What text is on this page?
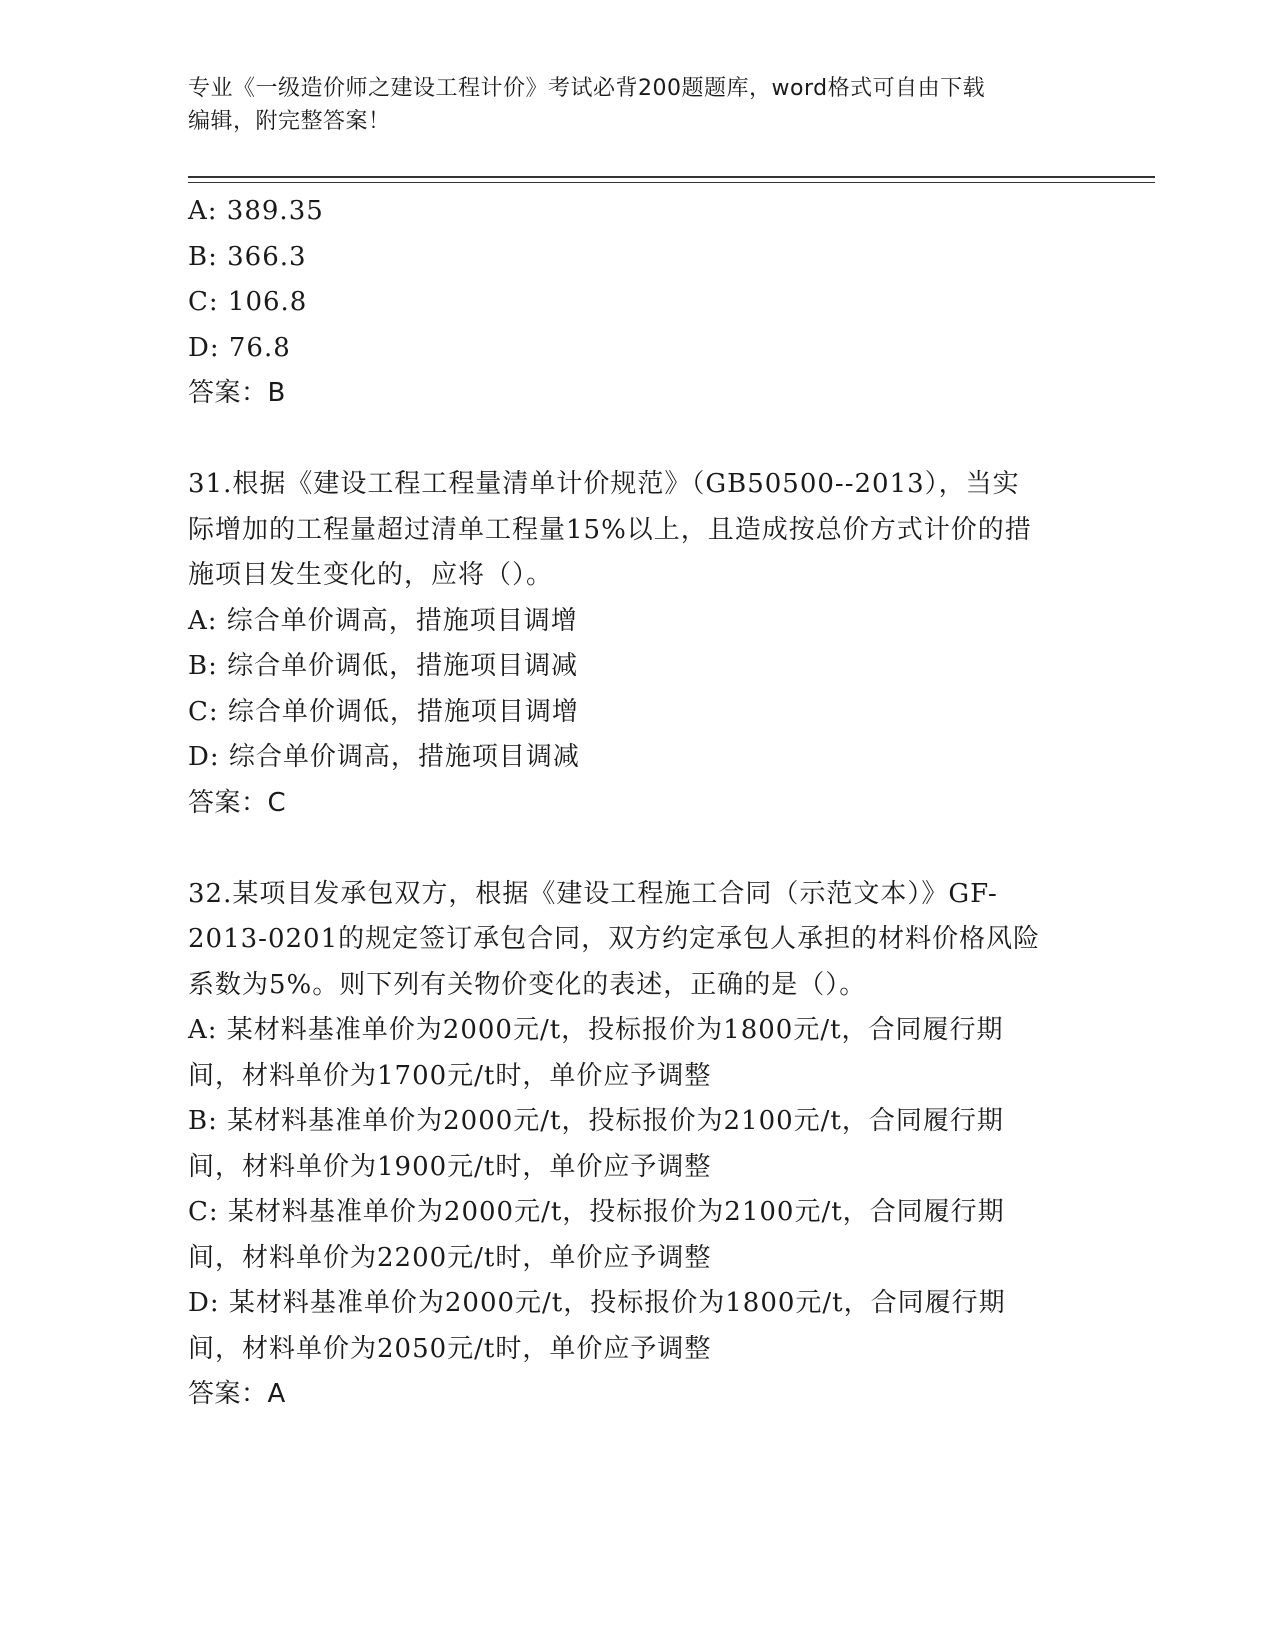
专业《一级造价师之建设工程计价》考试必背200题题库，word格式可自由下载
编辑，附完整答案！
A: 389.35
B: 366.3
C: 106.8
D: 76.8
答案：B
31.根据《建设工程工程量清单计价规范》（GB50500--2013），当实
际增加的工程量超过清单工程量15%以上，且造成按总价方式计价的措
施项目发生变化的，应将（）。
A: 综合单价调高，措施项目调增
B: 综合单价调低，措施项目调减
C: 综合单价调低，措施项目调增
D: 综合单价调高，措施项目调减
答案：C
32.某项目发承包双方，根据《建设工程施工合同（示范文本）》GF-
2013-0201的规定签订承包合同，双方约定承包人承担的材料价格风险
系数为5%。则下列有关物价变化的表述，正确的是（）。
A: 某材料基准单价为2000元/t，投标报价为1800元/t，合同履行期
间，材料单价为1700元/t时，单价应予调整
B: 某材料基准单价为2000元/t，投标报价为2100元/t，合同履行期
间，材料单价为1900元/t时，单价应予调整
C: 某材料基准单价为2000元/t，投标报价为2100元/t，合同履行期
间，材料单价为2200元/t时，单价应予调整
D: 某材料基准单价为2000元/t，投标报价为1800元/t，合同履行期
间，材料单价为2050元/t时，单价应予调整
答案：A
